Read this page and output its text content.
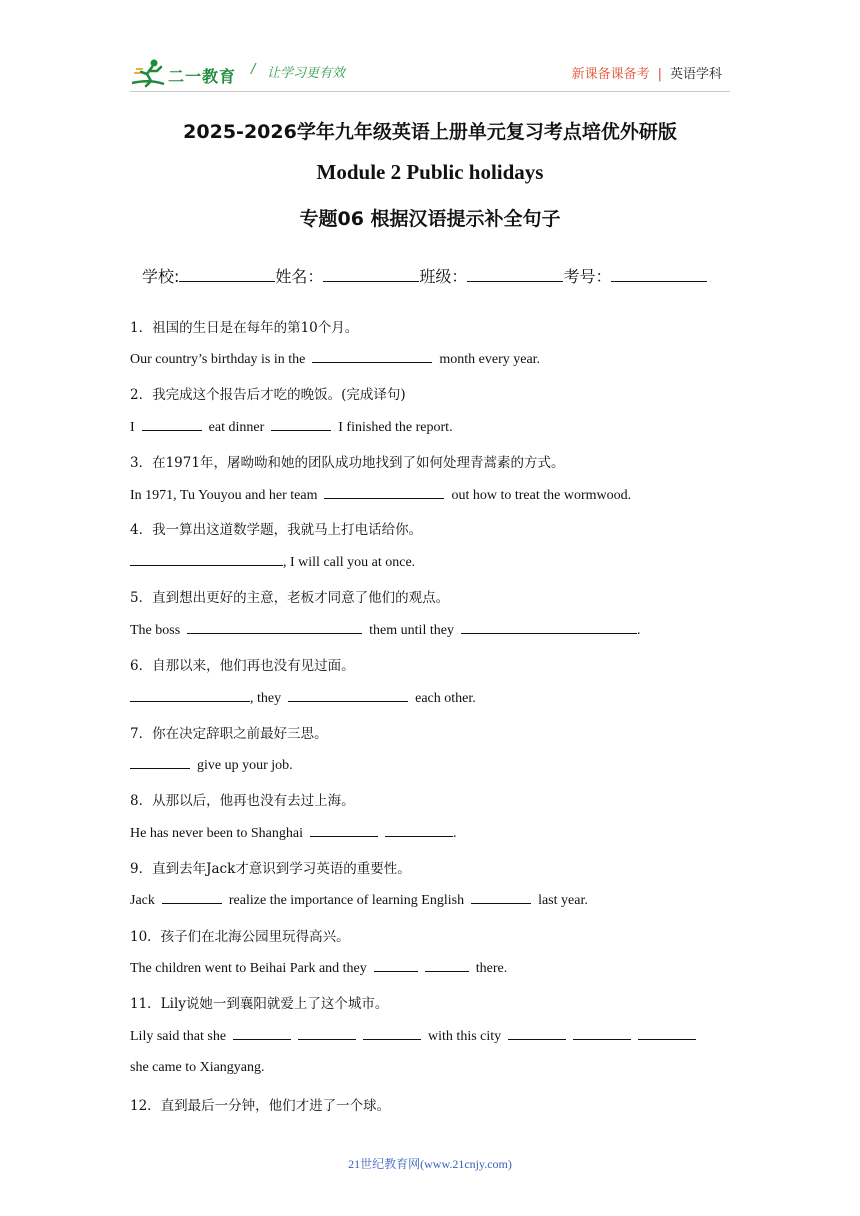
二一教育 / 让学习更有效	新课备课备考 | 英语学科
2025-2026学年九年级英语上册单元复习考点培优外研版
Module 2 Public holidays
专题06 根据汉语提示补全句子
学校:	姓名：	班级：	考号：
1．祖国的生日是在每年的第10个月。
Our country’s birthday is in the	month every year.
2．我完成这个报告后才吃的晚饭。(完成译句)
I	eat dinner	I finished the report.
3．在1971年，屠呦呦和她的团队成功地找到了如何处理青蒿素的方式。
In 1971, Tu Youyou and her team	out how to treat the wormwood.
4．我一算出这道数学题，我就马上打电话给你。
, I will call you at once.
5．直到想出更好的主意，老板才同意了他们的观点。
The boss	them until they	.
6．自那以来，他们再也没有见过面。
, they	each other.
7．你在决定辞职之前最好三思。
give up your job.
8．从那以后，他再也没有去过上海。
He has never been to Shanghai	.
9．直到去年Jack才意识到学习英语的重要性。
Jack	realize the importance of learning English	last year.
10．孩子们在北海公园里玩得高兴。
The children went to Beihai Park and they	there.
11．Lily说她一到襄阳就爱上了这个城市。
Lily said that she	with this city
she came to Xiangyang.
12．直到最后一分钟，他们才进了一个球。
21世纪教育网(www.21cnjy.com)
